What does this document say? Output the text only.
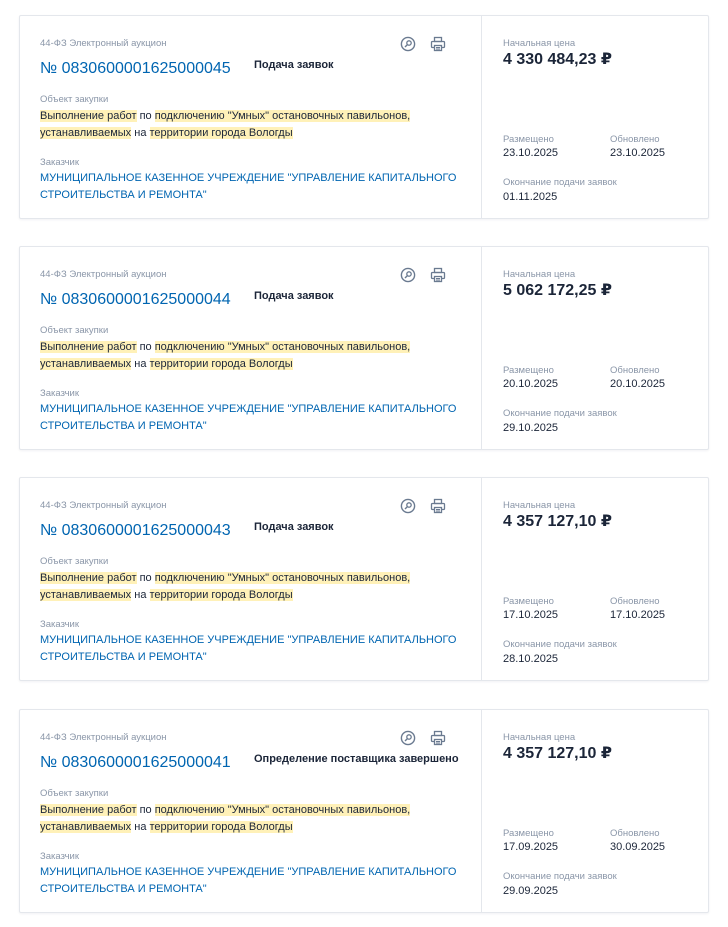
44-ФЗ Электронный аукцион
№ 0830600001625000045 Подача заявок
Объект закупки
Выполнение работ по подключению "Умных" остановочных павильонов, устанавливаемых на территории города Вологды
Заказчик
МУНИЦИПАЛЬНОЕ КАЗЕННОЕ УЧРЕЖДЕНИЕ "УПРАВЛЕНИЕ КАПИТАЛЬНОГО СТРОИТЕЛЬСТВА И РЕМОНТА"
Начальная цена
4 330 484,23 ₽
Размещено
23.10.2025
Обновлено
23.10.2025
Окончание подачи заявок
01.11.2025
44-ФЗ Электронный аукцион
№ 0830600001625000044 Подача заявок
Объект закупки
Выполнение работ по подключению "Умных" остановочных павильонов, устанавливаемых на территории города Вологды
Заказчик
МУНИЦИПАЛЬНОЕ КАЗЕННОЕ УЧРЕЖДЕНИЕ "УПРАВЛЕНИЕ КАПИТАЛЬНОГО СТРОИТЕЛЬСТВА И РЕМОНТА"
Начальная цена
5 062 172,25 ₽
Размещено
20.10.2025
Обновлено
20.10.2025
Окончание подачи заявок
29.10.2025
44-ФЗ Электронный аукцион
№ 0830600001625000043 Подача заявок
Объект закупки
Выполнение работ по подключению "Умных" остановочных павильонов, устанавливаемых на территории города Вологды
Заказчик
МУНИЦИПАЛЬНОЕ КАЗЕННОЕ УЧРЕЖДЕНИЕ "УПРАВЛЕНИЕ КАПИТАЛЬНОГО СТРОИТЕЛЬСТВА И РЕМОНТА"
Начальная цена
4 357 127,10 ₽
Размещено
17.10.2025
Обновлено
17.10.2025
Окончание подачи заявок
28.10.2025
44-ФЗ Электронный аукцион
№ 0830600001625000041 Определение поставщика завершено
Объект закупки
Выполнение работ по подключению "Умных" остановочных павильонов, устанавливаемых на территории города Вологды
Заказчик
МУНИЦИПАЛЬНОЕ КАЗЕННОЕ УЧРЕЖДЕНИЕ "УПРАВЛЕНИЕ КАПИТАЛЬНОГО СТРОИТЕЛЬСТВА И РЕМОНТА"
Начальная цена
4 357 127,10 ₽
Размещено
17.09.2025
Обновлено
30.09.2025
Окончание подачи заявок
29.09.2025
